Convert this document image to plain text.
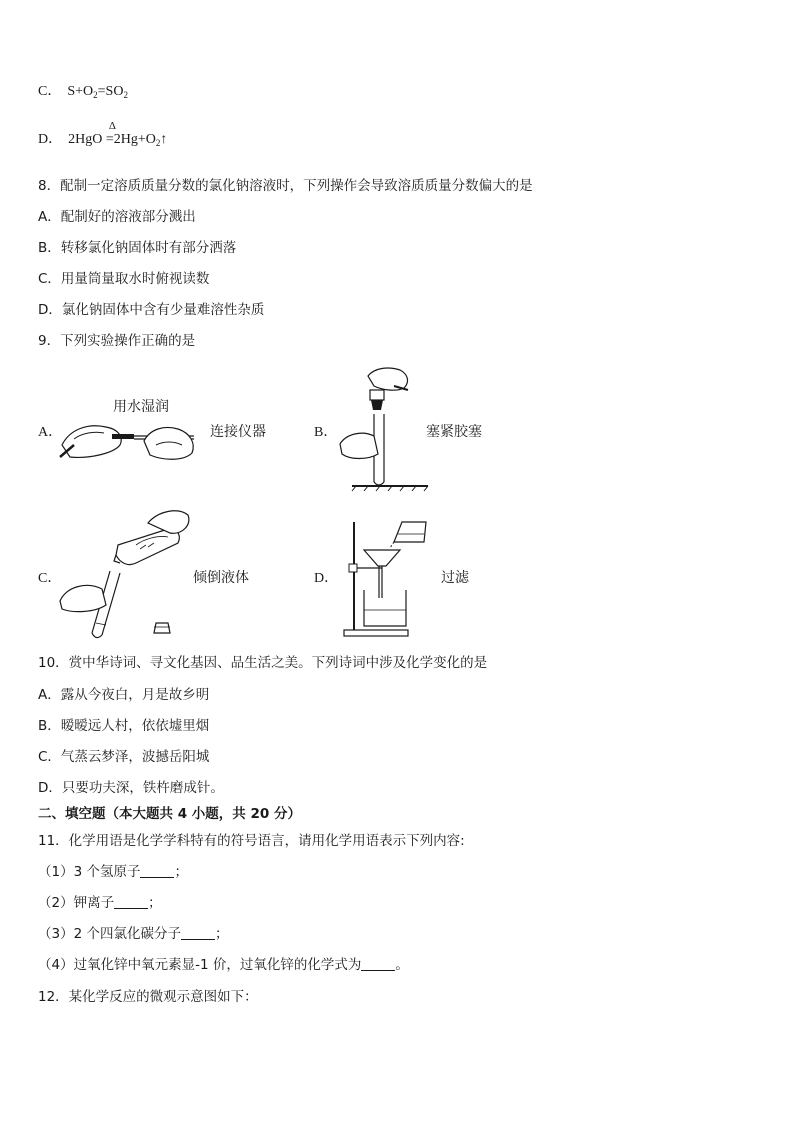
C． $S+O_2=SO_2$
D． 2HgO
Δ
$=2Hg+O_2↑$
8．配制一定溶质质量分数的氯化钠溶液时，下列操作会导致溶质质量分数偏大的是
A．配制好的溶液部分溅出
B．转移氯化钠固体时有部分洒落
C．用量筒量取水时俯视读数
D．氯化钠固体中含有少量难溶性杂质
9．下列实验操作正确的是
A．
用水湿润
连接仪器	B．	塞紧胶塞
C．	倾倒液体	D．	过滤
10．赏中华诗词、寻文化基因、品生活之美。下列诗词中涉及化学变化的是
A．露从今夜白，月是故乡明
B．暧暧远人村，依依墟里烟
C．气蒸云梦泽，波撼岳阳城
D．只要功夫深，铁杵磨成针。
二、填空题（本大题共 4 小题，共 20 分）
11．化学用语是化学学科特有的符号语言，请用化学用语表示下列内容:
（1）3 个氢原子	；
（2）钾离子	；
（3）2 个四氯化碳分子	；
（4）过氧化锌中氧元素显-1 价，过氧化锌的化学式为	。
12．某化学反应的微观示意图如下：
